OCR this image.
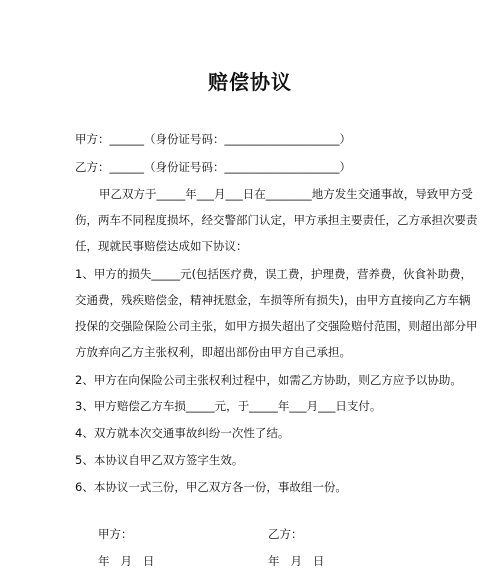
赔偿协议
甲方：______（身份证号码：____________________）
乙方：______（身份证号码：____________________）
甲乙双方于_____年___月___日在________地方发生交通事故，导致甲方受
伤，两车不同程度损坏，经交警部门认定，甲方承担主要责任，乙方承担次要责
任，现就民事赔偿达成如下协议：
1、甲方的损失_____元(包括医疗费，误工费，护理费，营养费，伙食补助费，
交通费，残疾赔偿金，精神抚慰金，车损等所有损失)，由甲方直接向乙方车辆
投保的交强险保险公司主张，如甲方损失超出了交强险赔付范围，则超出部分甲
方放弃向乙方主张权利，即超出部份由甲方自己承担。
2、甲方在向保险公司主张权利过程中，如需乙方协助，则乙方应予以协助。
3、甲方赔偿乙方车损_____元，于_____年___月___日支付。
4、双方就本次交通事故纠纷一次性了结。
5、本协议自甲乙双方签字生效。
6、本协议一式三份，甲乙双方各一份，事故组一份。
甲方：	乙方：
年   月   日	年   月   日
